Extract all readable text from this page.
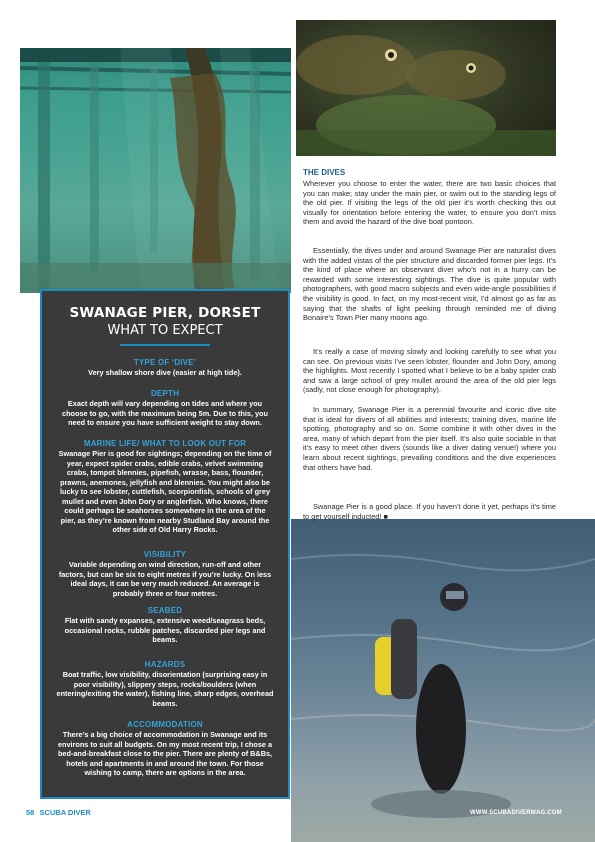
SWANAGE PIER, DORSET
WHAT TO EXPECT
TYPE OF ‘DIVE’
Very shallow shore dive (easier at high tide).
DEPTH
Exact depth will vary depending on tides and where you choose to go, with the maximum being 5m. Due to this, you need to ensure you have sufficient weight to stay down.
MARINE LIFE/ WHAT TO LOOK OUT FOR
Swanage Pier is good for sightings; depending on the time of year, expect spider crabs, edible crabs, velvet swimming crabs, tompot blennies, pipefish, wrasse, bass, flounder, prawns, anemones, jellyfish and blennies. You might also be lucky to see lobster, cuttlefish, scorpionfish, schools of grey mullet and even John Dory or anglerfish. Who knows, there could perhaps be seahorses somewhere in the area of the pier, as they’re known from nearby Studland Bay around the other side of Old Harry Rocks.
VISIBILITY
Variable depending on wind direction, run-off and other factors, but can be six to eight metres if you’re lucky. On less ideal days, it can be very much reduced. An average is probably three or four metres.
SEABED
Flat with sandy expanses, extensive weed/seagrass beds, occasional rocks, rubble patches, discarded pier legs and beams.
HAZARDS
Boat traffic, low visibility, disorientation (surprising easy in poor visibility), slippery steps, rocks/boulders (when entering/exiting the water), fishing line, sharp edges, overhead beams.
ACCOMMODATION
There’s a big choice of accommodation in Swanage and its environs to suit all budgets. On my most recent trip, I chose a bed-and-breakfast close to the pier. There are plenty of B&Bs, hotels and apartments in and around the town. For those wishing to camp, there are options in the area.
THE DIVES
Wherever you choose to enter the water, there are two basic choices that you can make; stay under the main pier, or swim out to the standing legs of the old pier. If visiting the legs of the old pier it’s worth checking this out visually for orientation before entering the water, to ensure you don’t miss them and avoid the hazard of the dive boat pontoon.
Essentially, the dives under and around Swanage Pier are naturalist dives with the added vistas of the pier structure and discarded former pier legs. It’s the kind of place where an observant diver who’s not in a hurry can be rewarded with some interesting sightings. The dive is quite popular with photographers, with good macro subjects and even wide-angle possibilities if the visibility is good. In fact, on my most-recent visit, I’d almost go as far as saying that the shafts of light peeking through reminded me of diving Bonaire’s Town Pier many moons ago.
It’s really a case of moving slowly and looking carefully to see what you can see. On previous visits I’ve seen lobster, flounder and John Dory, among the highlights. Most recently I spotted what I believe to be a baby spider crab and saw a large school of grey mullet around the area of the old pier legs (sadly, not close enough for photography).
In summary, Swanage Pier is a perennial favourite and iconic dive site that is ideal for divers of all abilities and interests; training dives, marine life spotting, photography and so on. Some combine it with other dives in the area, many of which depart from the pier itself. It’s also quite sociable in that it’s easy to meet other divers (sounds like a diver dating venue!) where you learn about recent sightings, prevailing conditions and the dive experiences that others have had.
Swanage Pier is a good place. If you haven’t done it yet, perhaps it’s time to get yourself inducted! ■
58 SCUBA DIVER	WWW.SCUBADIVERMAG.COM
